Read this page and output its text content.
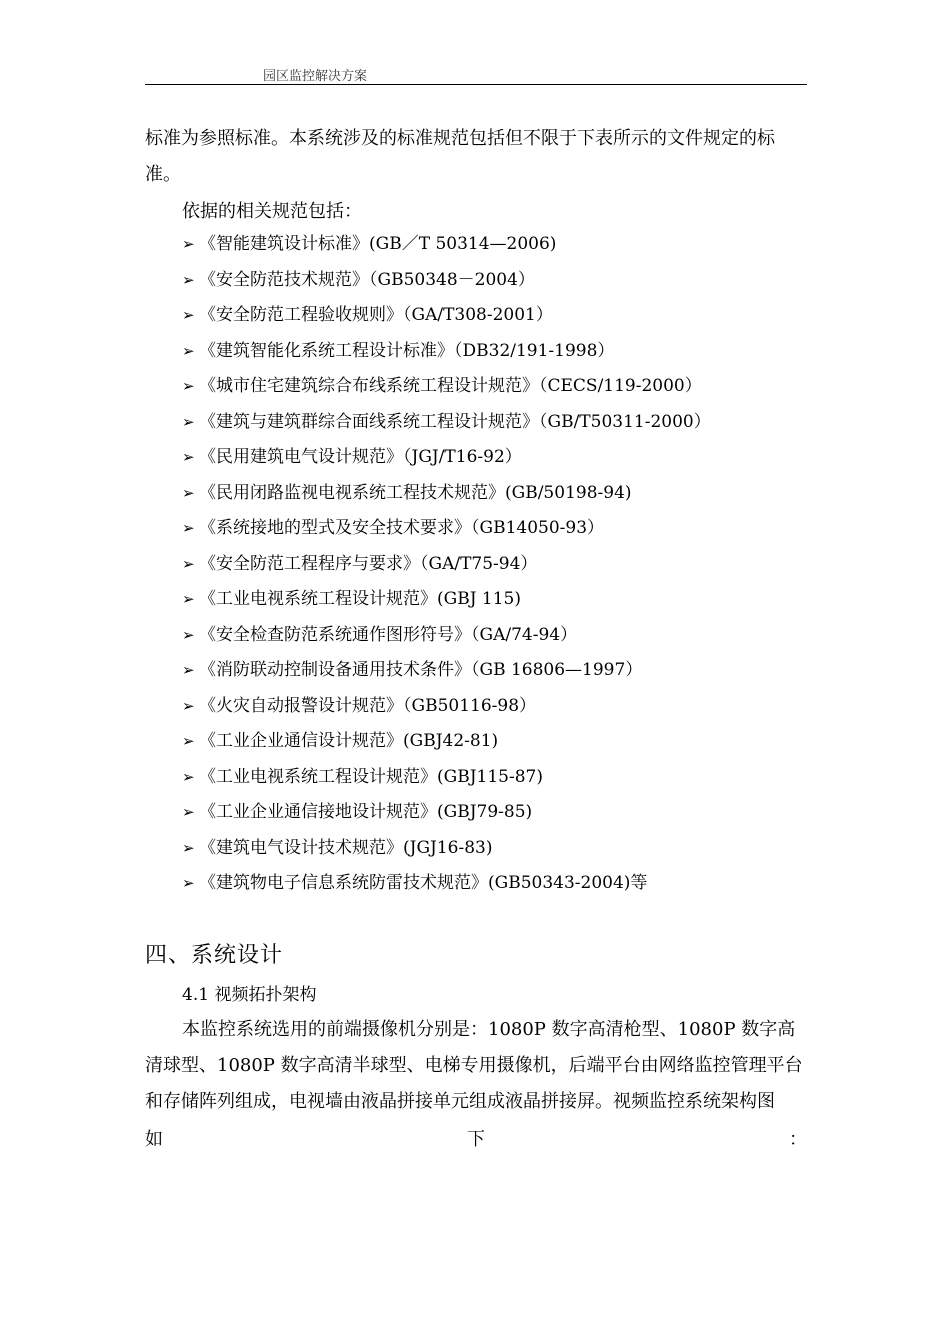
园区监控解决方案
标准为参照标准。本系统涉及的标准规范包括但不限于下表所示的文件规定的标
准。
依据的相关规范包括：
➢ 《智能建筑设计标准》(GB／T 50314—2006)
➢ 《安全防范技术规范》（GB50348－2004）
➢ 《安全防范工程验收规则》（GA/T308-2001）
➢ 《建筑智能化系统工程设计标准》（DB32/191-1998）
➢ 《城市住宅建筑综合布线系统工程设计规范》（CECS/119-2000）
➢ 《建筑与建筑群综合面线系统工程设计规范》（GB/T50311-2000）
➢ 《民用建筑电气设计规范》（JGJ/T16-92）
➢ 《民用闭路监视电视系统工程技术规范》(GB/50198-94)
➢ 《系统接地的型式及安全技术要求》（GB14050-93）
➢ 《安全防范工程程序与要求》（GA/T75-94）
➢ 《工业电视系统工程设计规范》(GBJ 115)
➢ 《安全检查防范系统通作图形符号》（GA/74-94）
➢ 《消防联动控制设备通用技术条件》（GB 16806—1997）
➢ 《火灾自动报警设计规范》（GB50116-98）
➢ 《工业企业通信设计规范》(GBJ42-81)
➢ 《工业电视系统工程设计规范》(GBJ115-87)
➢ 《工业企业通信接地设计规范》(GBJ79-85)
➢ 《建筑电气设计技术规范》(JGJ16-83)
➢ 《建筑物电子信息系统防雷技术规范》(GB50343-2004)等
四、系统设计
4.1 视频拓扑架构
本监控系统选用的前端摄像机分别是：1080P 数字高清枪型、1080P 数字高
清球型、1080P 数字高清半球型、电梯专用摄像机，后端平台由网络监控管理平台
和存储阵列组成，电视墙由液晶拼接单元组成液晶拼接屏。视频监控系统架构图
如	下	：
